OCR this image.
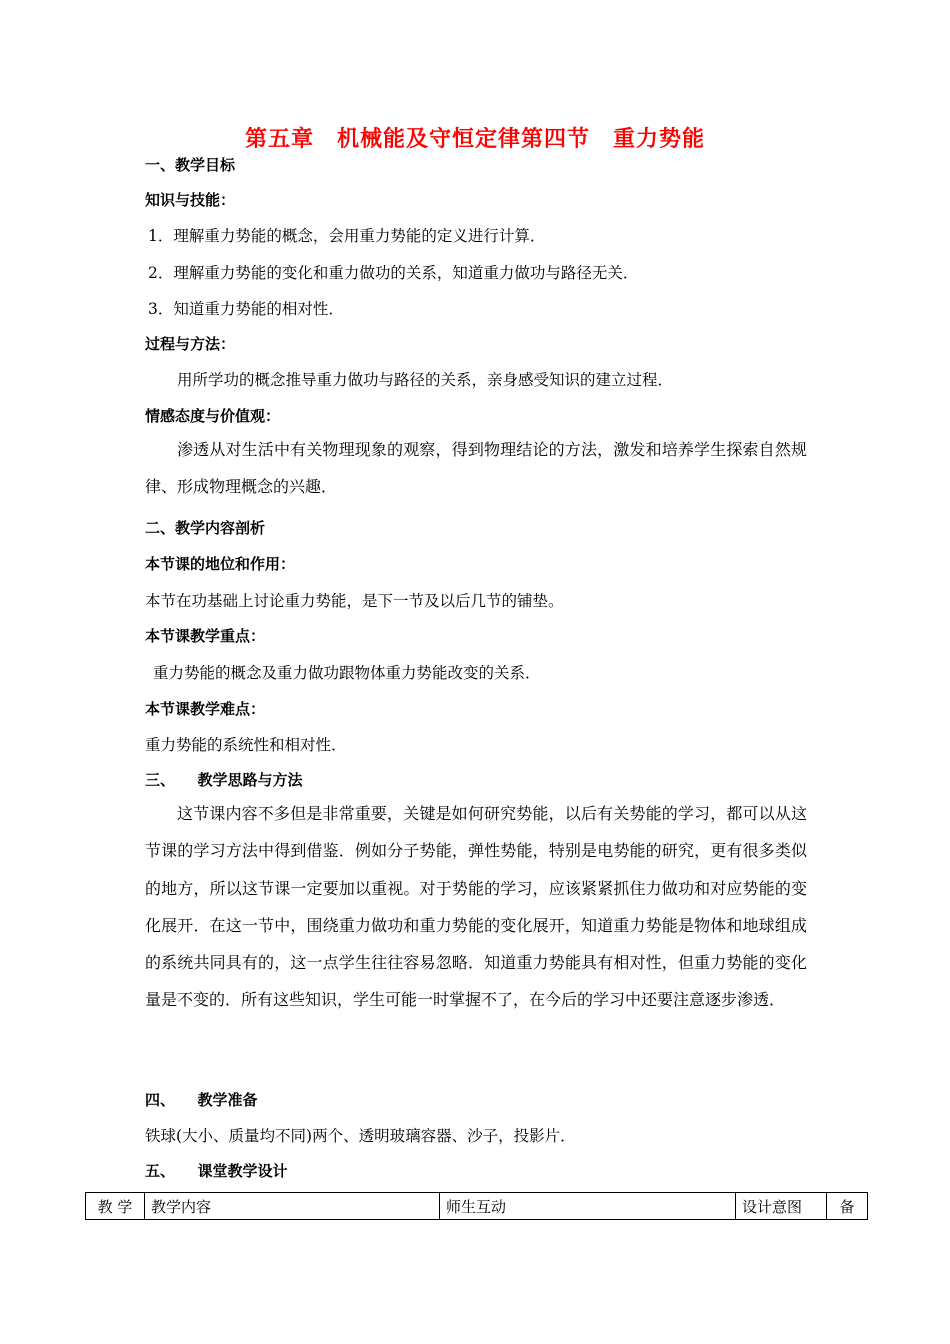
第五章　机械能及守恒定律第四节　重力势能
一、教学目标
知识与技能：
1．理解重力势能的概念，会用重力势能的定义进行计算．
2．理解重力势能的变化和重力做功的关系，知道重力做功与路径无关．
3．知道重力势能的相对性．
过程与方法：
用所学功的概念推导重力做功与路径的关系，亲身感受知识的建立过程．
情感态度与价值观：
渗透从对生活中有关物理现象的观察，得到物理结论的方法，激发和培养学生探索自然规律、形成物理概念的兴趣．
二、教学内容剖析
本节课的地位和作用：
本节在功基础上讨论重力势能，是下一节及以后几节的铺垫。
本节课教学重点：
重力势能的概念及重力做功跟物体重力势能改变的关系．
本节课教学难点：
重力势能的系统性和相对性．
三、　　教学思路与方法
这节课内容不多但是非常重要，关键是如何研究势能，以后有关势能的学习，都可以从这节课的学习方法中得到借鉴．例如分子势能，弹性势能，特别是电势能的研究，更有很多类似的地方，所以这节课一定要加以重视。对于势能的学习，应该紧紧抓住力做功和对应势能的变化展开．在这一节中，围绕重力做功和重力势能的变化展开，知道重力势能是物体和地球组成的系统共同具有的，这一点学生往往容易忽略．知道重力势能具有相对性，但重力势能的变化量是不变的．所有这些知识，学生可能一时掌握不了，在今后的学习中还要注意逐步渗透．
四、　　教学准备
铁球(大小、质量均不同)两个、透明玻璃容器、沙子，投影片．
五、　　课堂教学设计
教 学	教学内容	师生互动	设计意图	备
